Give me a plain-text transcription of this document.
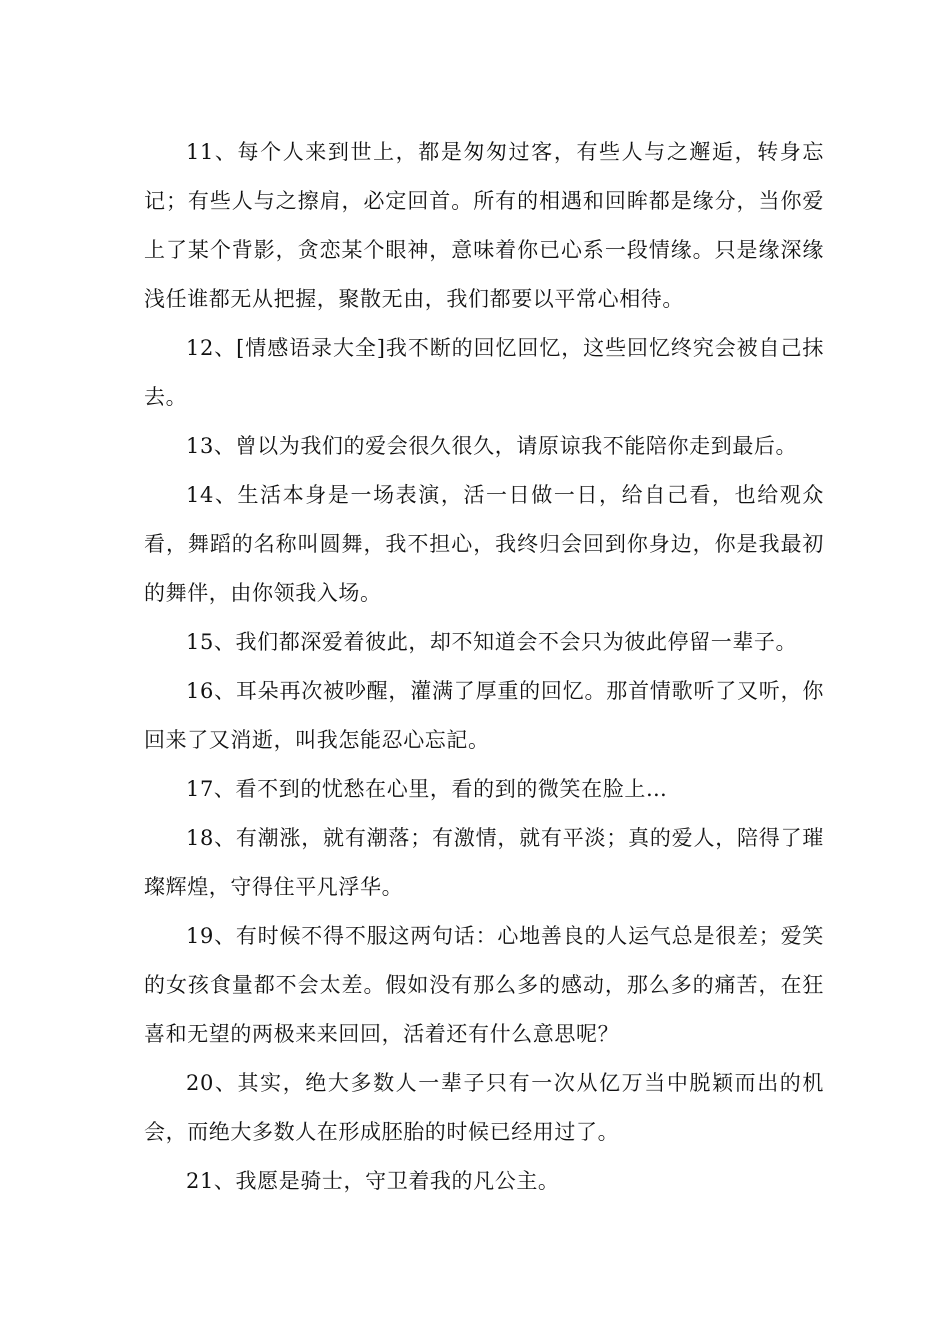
11、每个人来到世上，都是匆匆过客，有些人与之邂逅，转身忘记；有些人与之擦肩，必定回首。所有的相遇和回眸都是缘分，当你爱上了某个背影，贪恋某个眼神，意味着你已心系一段情缘。只是缘深缘浅任谁都无从把握，聚散无由，我们都要以平常心相待。

12、[情感语录大全]我不断的回忆回忆，这些回忆终究会被自己抹去。

13、曾以为我们的爱会很久很久，请原谅我不能陪你走到最后。

14、生活本身是一场表演，活一日做一日，给自己看，也给观众看，舞蹈的名称叫圆舞，我不担心，我终归会回到你身边，你是我最初的舞伴，由你领我入场。

15、我们都深爱着彼此，却不知道会不会只为彼此停留一辈子。

16、耳朵再次被吵醒，灌满了厚重的回忆。那首情歌听了又听，你回来了又消逝，叫我怎能忍心忘記。

17、看不到的忧愁在心里，看的到的微笑在脸上…

18、有潮涨，就有潮落；有激情，就有平淡；真的爱人，陪得了璀璨辉煌，守得住平凡浮华。

19、有时候不得不服这两句话：心地善良的人运气总是很差；爱笑的女孩食量都不会太差。假如没有那么多的感动，那么多的痛苦，在狂喜和无望的两极来来回回，活着还有什么意思呢？

20、其实，绝大多数人一辈子只有一次从亿万当中脱颖而出的机会，而绝大多数人在形成胚胎的时候已经用过了。

21、我愿是骑士，守卫着我的凡公主。
